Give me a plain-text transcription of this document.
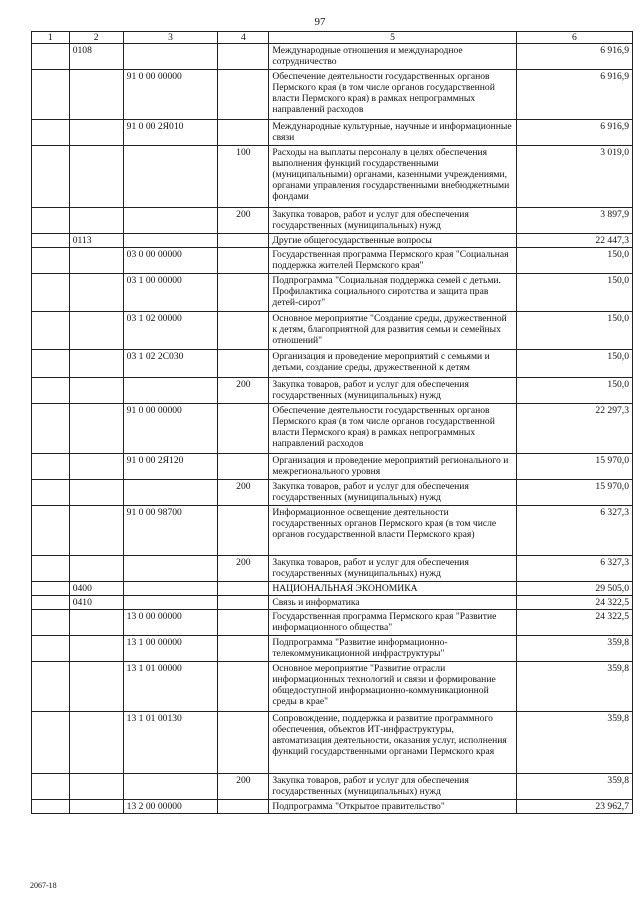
97
1	2	3	4	5	6
	0108			Международные отношения и международное сотрудничество	6 916,9
		91 0 00 00000		Обеспечение деятельности государственных органов Пермского края (в том числе органов государственной власти Пермского края) в рамках непрограммных направлений расходов	6 916,9
		91 0 00 2Я010		Международные культурные, научные и информационные связи	6 916,9
			100	Расходы на выплаты персоналу в целях обеспечения выполнения функций государственными (муниципальными) органами, казенными учреждениями, органами управления государственными внебюджетными фондами	3 019,0
			200	Закупка товаров, работ и услуг для обеспечения государственных (муниципальных) нужд	3 897,9
	0113			Другие общегосударственные вопросы	22 447,3
		03 0 00 00000		Государственная программа Пермского края "Социальная поддержка жителей Пермского края"	150,0
		03 1 00 00000		Подпрограмма "Социальная поддержка семей с детьми. Профилактика социального сиротства и защита прав детей-сирот"	150,0
		03 1 02 00000		Основное мероприятие "Создание среды, дружественной к детям, благоприятной для развития семьи и семейных отношений"	150,0
		03 1 02 2С030		Организация и проведение мероприятий с семьями и детьми, создание среды, дружественной к детям	150,0
			200	Закупка товаров, работ и услуг для обеспечения государственных (муниципальных) нужд	150,0
		91 0 00 00000		Обеспечение деятельности государственных органов Пермского края (в том числе органов государственной власти Пермского края) в рамках непрограммных направлений расходов	22 297,3
		91 0 00 2Я120		Организация и проведение мероприятий регионального и межрегионального уровня	15 970,0
			200	Закупка товаров, работ и услуг для обеспечения государственных (муниципальных) нужд	15 970,0
		91 0 00 98700		Информационное освещение деятельности государственных органов Пермского края (в том числе органов государственной власти Пермского края)	6 327,3
			200	Закупка товаров, работ и услуг для обеспечения государственных (муниципальных) нужд	6 327,3
	0400			НАЦИОНАЛЬНАЯ ЭКОНОМИКА	29 505,0
	0410			Связь и информатика	24 322,5
		13 0 00 00000		Государственная программа Пермского края "Развитие информационного общества"	24 322,5
		13 1 00 00000		Подпрограмма "Развитие информационно-телекоммуникационной инфраструктуры"	359,8
		13 1 01 00000		Основное мероприятие "Развитие отрасли информационных технологий и связи и формирование общедоступной информационно-коммуникационной среды в крае"	359,8
		13 1 01 00130		Сопровождение, поддержка и развитие программного обеспечения, объектов ИТ-инфраструктуры, автоматизация деятельности, оказания услуг, исполнения функций государственными органами Пермского края	359,8
			200	Закупка товаров, работ и услуг для обеспечения государственных (муниципальных) нужд	359,8
		13 2 00 00000		Подпрограмма "Открытое правительство"	23 962,7
2067-18
